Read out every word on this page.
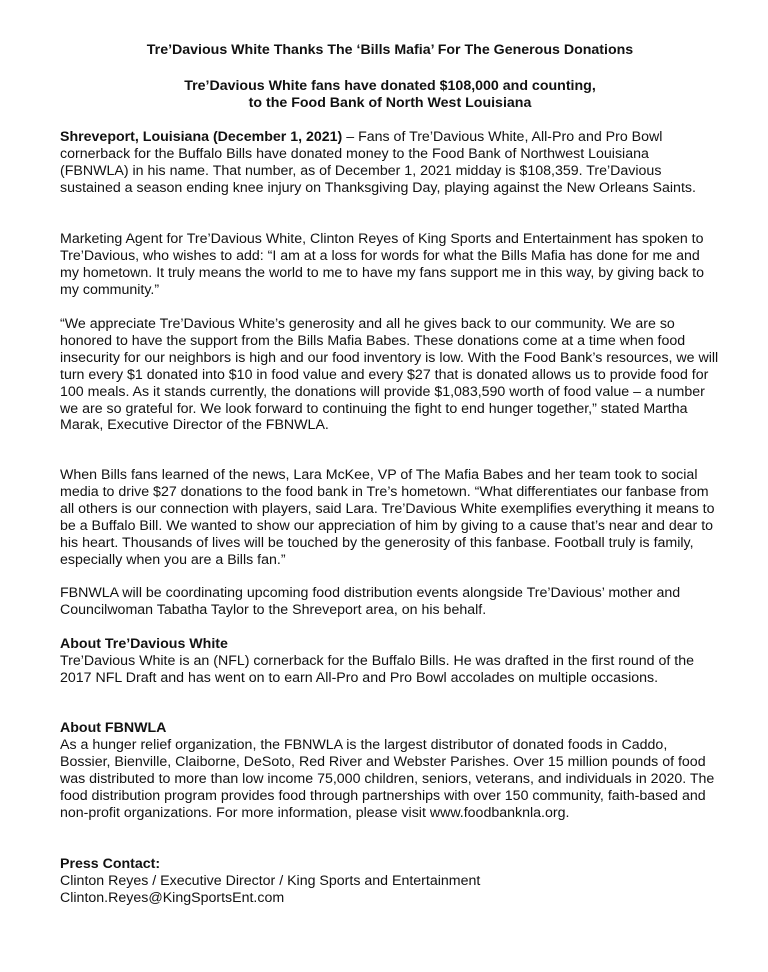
Tre’Davious White Thanks The ‘Bills Mafia’ For The Generous Donations
Tre’Davious White fans have donated $108,000 and counting,
to the Food Bank of North West Louisiana

Shreveport, Louisiana (December 1, 2021) – Fans of Tre’Davious White, All-Pro and Pro Bowl cornerback for the Buffalo Bills have donated money to the Food Bank of Northwest Louisiana (FBNWLA) in his name. That number, as of December 1, 2021 midday is $108,359. Tre’Davious sustained a season ending knee injury on Thanksgiving Day, playing against the New Orleans Saints.

Marketing Agent for Tre’Davious White, Clinton Reyes of King Sports and Entertainment has spoken to Tre’Davious, who wishes to add: “I am at a loss for words for what the Bills Mafia has done for me and my hometown. It truly means the world to me to have my fans support me in this way, by giving back to my community.”

“We appreciate Tre’Davious White’s generosity and all he gives back to our community. We are so honored to have the support from the Bills Mafia Babes. These donations come at a time when food insecurity for our neighbors is high and our food inventory is low. With the Food Bank’s resources, we will turn every $1 donated into $10 in food value and every $27 that is donated allows us to provide food for 100 meals. As it stands currently, the donations will provide $1,083,590 worth of food value – a number we are so grateful for. We look forward to continuing the fight to end hunger together,” stated Martha Marak, Executive Director of the FBNWLA.

When Bills fans learned of the news, Lara McKee, VP of The Mafia Babes and her team took to social media to drive $27 donations to the food bank in Tre’s hometown. “What differentiates our fanbase from all others is our connection with players, said Lara. Tre’Davious White exemplifies everything it means to be a Buffalo Bill. We wanted to show our appreciation of him by giving to a cause that’s near and dear to his heart. Thousands of lives will be touched by the generosity of this fanbase. Football truly is family, especially when you are a Bills fan.”

FBNWLA will be coordinating upcoming food distribution events alongside Tre’Davious’ mother and Councilwoman Tabatha Taylor to the Shreveport area, on his behalf.

About Tre’Davious White
Tre’Davious White is an (NFL) cornerback for the Buffalo Bills. He was drafted in the first round of the 2017 NFL Draft and has went on to earn All-Pro and Pro Bowl accolades on multiple occasions.
About FBNWLA
As a hunger relief organization, the FBNWLA is the largest distributor of donated foods in Caddo, Bossier, Bienville, Claiborne, DeSoto, Red River and Webster Parishes. Over 15 million pounds of food was distributed to more than low income 75,000 children, seniors, veterans, and individuals in 2020. The food distribution program provides food through partnerships with over 150 community, faith-based and non-profit organizations. For more information, please visit www.foodbanknla.org.
Press Contact:
Clinton Reyes / Executive Director / King Sports and Entertainment
Clinton.Reyes@KingSportsEnt.com
